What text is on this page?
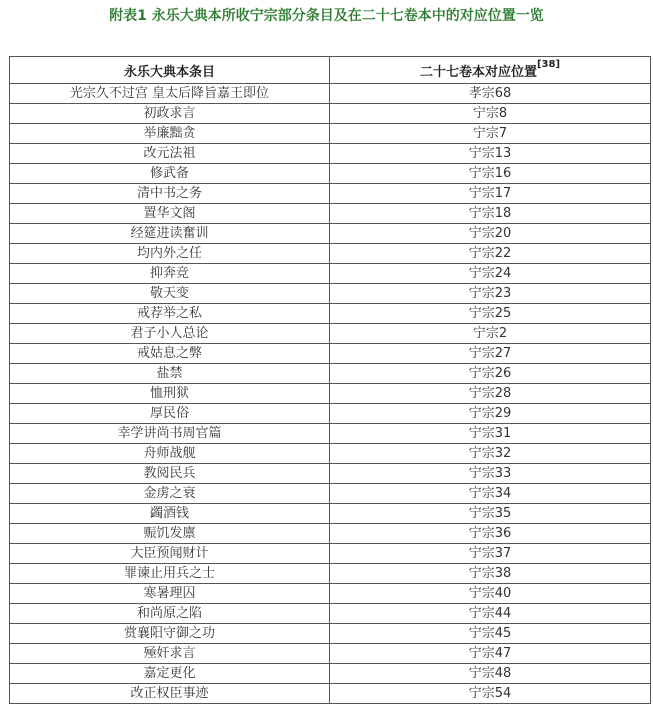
附表1 永乐大典本所收宁宗部分条目及在二十七卷本中的对应位置一览
永乐大典本条目	二十七卷本对应位置[38]
光宗久不过宫 皇太后降旨嘉王即位	孝宗68
初政求言	宁宗8
举廉黜贪	宁宗7
改元法祖	宁宗13
修武备	宁宗16
清中书之务	宁宗17
置华文阁	宁宗18
经筵进读奮训	宁宗20
均内外之任	宁宗22
抑奔竞	宁宗24
敬天变	宁宗23
戒荐举之私	宁宗25
君子小人总论	宁宗2
戒姑息之弊	宁宗27
盐禁	宁宗26
恤刑狱	宁宗28
厚民俗	宁宗29
幸学讲尚书周官篇	宁宗31
舟师战舰	宁宗32
教阅民兵	宁宗33
金虏之衰	宁宗34
蠲酒钱	宁宗35
赈饥发廪	宁宗36
大臣预闻财计	宁宗37
罪谏止用兵之士	宁宗38
寒暑理囚	宁宗40
和尚原之陷	宁宗44
赏襄阳守御之功	宁宗45
殛奸求言	宁宗47
嘉定更化	宁宗48
改正权臣事迹	宁宗54
